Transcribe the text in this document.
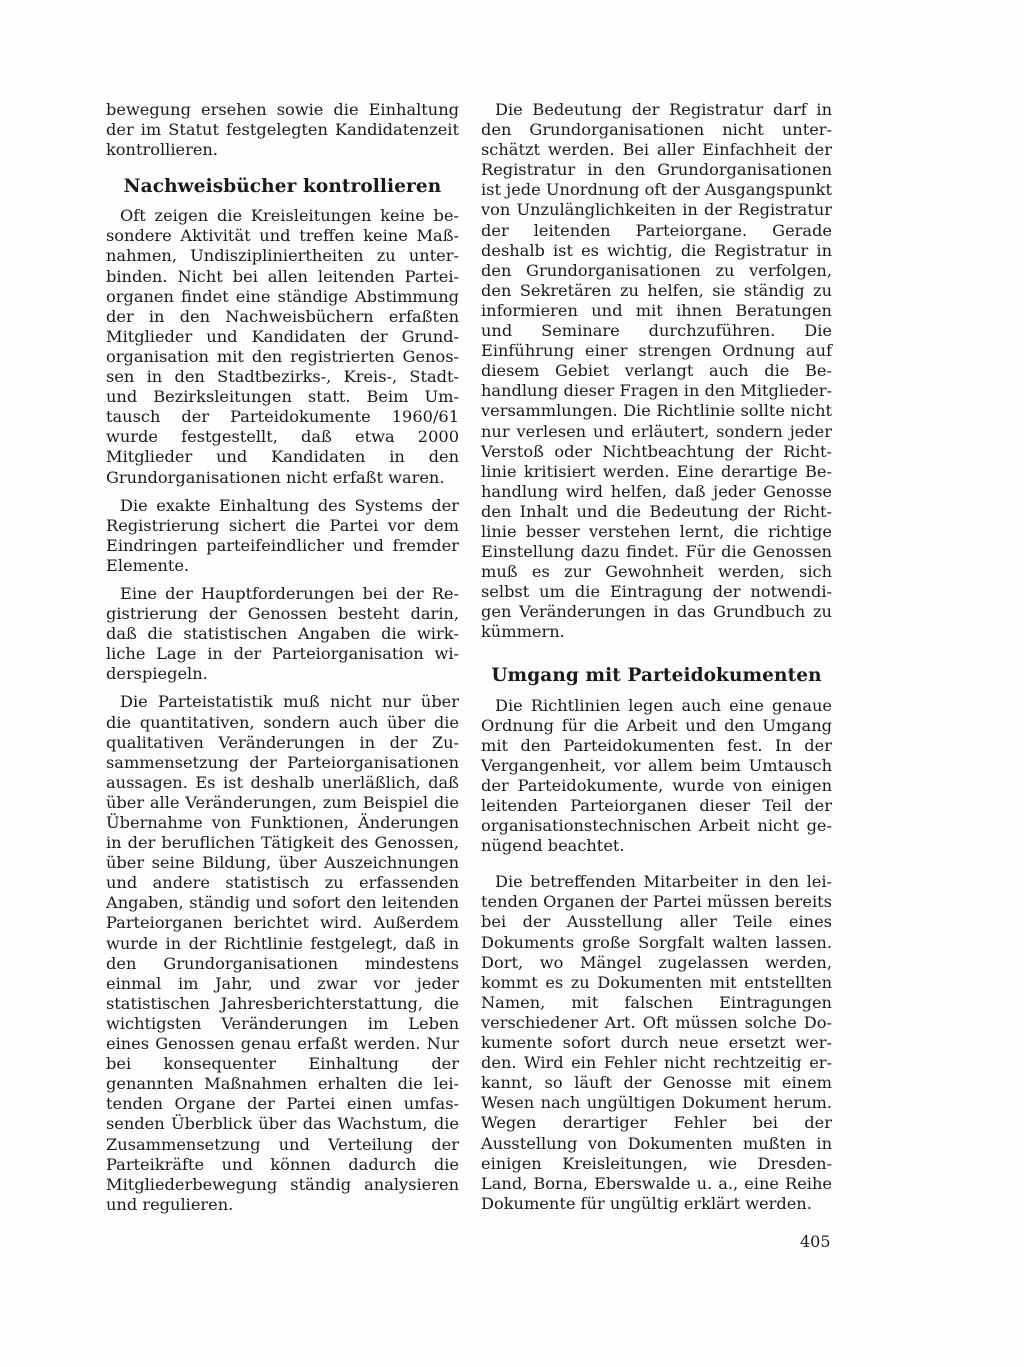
bewegung ersehen sowie die Einhaltung der im Statut festgelegten Kandidatenzeit kontrollieren.

Nachweisbücher kontrollieren

Oft zeigen die Kreisleitungen keine besondere Aktivität und treffen keine Maßnahmen, Undiszipliniertheiten zu unterbinden. Nicht bei allen leitenden Parteiorganen findet eine ständige Abstimmung der in den Nachweisbüchern erfaßten Mitglieder und Kandidaten der Grundorganisation mit den registrierten Genossen in den Stadtbezirks-, Kreis-, Stadt- und Bezirksleitungen statt. Beim Umtausch der Parteidokumente 1960/61 wurde festgestellt, daß etwa 2000 Mitglieder und Kandidaten in den Grundorganisationen nicht erfaßt waren.

Die exakte Einhaltung des Systems der Registrierung sichert die Partei vor dem Eindringen parteifeindlicher und fremder Elemente.

Eine der Hauptforderungen bei der Registrierung der Genossen besteht darin, daß die statistischen Angaben die wirkliche Lage in der Parteiorganisation widerspiegeln.

Die Parteistatistik muß nicht nur über die quantitativen, sondern auch über die qualitativen Veränderungen in der Zusammensetzung der Parteiorganisationen aussagen. Es ist deshalb unerläßlich, daß über alle Veränderungen, zum Beispiel die Übernahme von Funktionen, Änderungen in der beruflichen Tätigkeit des Genossen, über seine Bildung, über Auszeichnungen und andere statistisch zu erfassenden Angaben, ständig und sofort den leitenden Parteiorganen berichtet wird. Außerdem wurde in der Richtlinie festgelegt, daß in den Grundorganisationen mindestens einmal im Jahr, und zwar vor jeder statistischen Jahresberichterstattung, die wichtigsten Veränderungen im Leben eines Genossen genau erfaßt werden. Nur bei konsequenter Einhaltung der genannten Maßnahmen erhalten die leitenden Organe der Partei einen umfassenden Überblick über das Wachstum, die Zusammensetzung und Verteilung der Parteikräfte und können dadurch die Mitgliederbewegung ständig analysieren und regulieren.

Die Bedeutung der Registratur darf in den Grundorganisationen nicht unterschätzt werden. Bei aller Einfachheit der Registratur in den Grundorganisationen ist jede Unordnung oft der Ausgangspunkt von Unzulänglichkeiten in der Registratur der leitenden Parteiorgane. Gerade deshalb ist es wichtig, die Registratur in den Grundorganisationen zu verfolgen, den Sekretären zu helfen, sie ständig zu informieren und mit ihnen Beratungen und Seminare durchzuführen. Die Einführung einer strengen Ordnung auf diesem Gebiet verlangt auch die Behandlung dieser Fragen in den Mitgliederversammlungen. Die Richtlinie sollte nicht nur verlesen und erläutert, sondern jeder Verstoß oder Nichtbeachtung der Richtlinie kritisiert werden. Eine derartige Behandlung wird helfen, daß jeder Genosse den Inhalt und die Bedeutung der Richtlinie besser verstehen lernt, die richtige Einstellung dazu findet. Für die Genossen muß es zur Gewohnheit werden, sich selbst um die Eintragung der notwendigen Veränderungen in das Grundbuch zu kümmern.

Umgang mit Parteidokumenten

Die Richtlinien legen auch eine genaue Ordnung für die Arbeit und den Umgang mit den Parteidokumenten fest. In der Vergangenheit, vor allem beim Umtausch der Parteidokumente, wurde von einigen leitenden Parteiorganen dieser Teil der organisationstechnischen Arbeit nicht genügend beachtet.

Die betreffenden Mitarbeiter in den leitenden Organen der Partei müssen bereits bei der Ausstellung aller Teile eines Dokuments große Sorgfalt walten lassen. Dort, wo Mängel zugelassen werden, kommt es zu Dokumenten mit entstellten Namen, mit falschen Eintragungen verschiedener Art. Oft müssen solche Dokumente sofort durch neue ersetzt werden. Wird ein Fehler nicht rechtzeitig erkannt, so läuft der Genosse mit einem Wesen nach ungültigen Dokument herum. Wegen derartiger Fehler bei der Ausstellung von Dokumenten mußten in einigen Kreisleitungen, wie Dresden-Land, Borna, Eberswalde u. a., eine Reihe Dokumente für ungültig erklärt werden.

405
